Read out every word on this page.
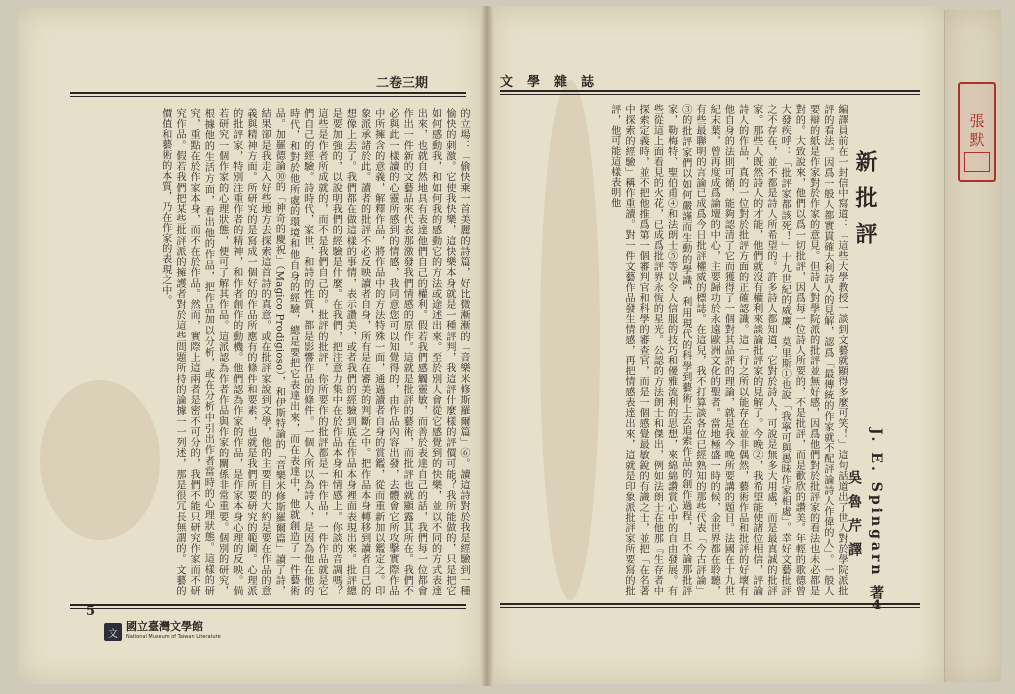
二卷三期
的立場：「偷快乘一首美麗的詩篇，好比微漸漸的「音樂米修斯羅爾篇」⑥。讀這詩對於我是經驗到一種愉快的刺激。它使我快樂，這快樂本身就是一種評判，我這評什麼樣的評價可能？我所能做的，只是把它如何感動我，和如何我的感動它的方法或途述出來。至於別人會從它感覺到的快樂，並以不同的方式表達出來，也就自然地具有表達他們自己的權利。假若我們感觸靈敏，而善於表達自己的話，我們每一位都會作出一件新的文藝品來代表那激發我們情感的原作。這就是批評的藝術，而批評也就顯露其所在。我們不必與此一樣讀的心靈所感到的情感，我同意您可以知覺得的，由作品內容出發，去體會它所攻擊實際作品中所擁含的意義，解釋作品，將作品中的方法特殊一面，通過讀者自身的賞鑑，從而重新加以鑑定之。印象派承諸於此。讀者的批評不必反映讀者自身，所有是在審美的判斷之中。把作品本身轉移到讀者自己的想像上去了。我們都在做這樣的事情，表示讚美，或者我們的經驗到底在作品本身裡面表現出來。批評總是要加強的，以說明我們的經驗是什麼。在我們，把注意力集中在於作品本身和情感上。你談的音調嗎？這些是作者所成就的，而不是我們自己的。批評的批評，你所要作的批評都是一件作品，一件作品就是它們自己的經驗。詩時代，家世，和詩的性質，都是影響作品的條件。一個人所以為詩人，是因為他在他的時代，和對於他所處的環境和他自身的經驗，總是要把它表達出來，而在表達中，他就創造了一件藝術品。加羅德論⑩的「神奇的慶祝」（Magico Prodigioso），和伊斯特論的「音樂米修斯羅爾篇」讀了詩，結果卻是我走入好些地方去探索這首詩的真意。或在批評家說到文學，他的主要目的大約是要在作品的意義與精神方面。所研究的是寫成一個好的作品所應有的條件和要素，也就是我們所要研究的範圍。心理派的批評家，特別注重作者的精神，和作者創作的動機。他們認為作家的作品，是作家本身心理的反映。倘若研究一個作家的心理狀態，便可了解其作品。這派認為作者作品與作家的關係非常重要。個別的研究，根據他的生活方面，看出他的作品，把作品加以分析，或在分析中引出作者當時的心理狀態。這樣的研究，重點在於作家本身，而不在於作品。然而，實際上這兩者是密不可分的，我們不能只研究作家而不研究作品。假若我們把某些批評派的擁護者對於這些問題所持的論據一一列述，那是很冗長無謂的。文藝的價值和藝術的本質，乃在作家的表現之中。
5
文
國立臺灣文學館
National Museum of Taiwan Literature
文學雜誌
編譯員前在一封信中寫道：「這些大學教授一談到文藝就顯得多麼可笑！」這句話道出了世人對於學院派批評的看法。因爲一般人都實貫確大利詩人的見解，認爲「最傳統的作家就不配評論詩人作偉的人」。一般人要辯的紙是作家對於作家的意見。但詩人對學院派的批評並無好感，因爲他們對於批評家的看法也未必都是對的。大致說來，他們以爲一切批評，因爲每一位詩人所要的，不是批評，而是歡欣的讚美。年輕的歌德曾大發疾呼：「批評家都該死！」十九世紀的威廉．莫里斯①也說「我寧可與愚昧作家相處」。幸好文藝批評之不存在，並不都是詩人所希望的。許多詩人都知道，它對於詩人，可說是無多大用處，而是最真誠的批評家。那些人既然詩人的才能，他們就沒有權利來談論批評家的見解了。今晚②，我希望能使諸位相信，評論詩人的作品，真的一位對於批評方面的正確認識。這一行之所以能存在並非偶然，藝術作品和批評的好壞有他自身的法則可循，能夠認清了它而獲得了一個對其品評的理論，就是我今晚所要講的題目。法國在十九世紀末葉，曾再度成爲論壇的中心，主要歸功於永遠歐洲文化的聖者。當地極盛一時的候，金世界都在聆聽，有些最聯明的言論已成爲今日批評權威的標誌。在這兒，我不打算談各位已經熟知的那些代表「今古評論」③的批評家們以如何嚴謹而生動的學識，利用現代的科學到藝術上去追索作品的創作過程，且不論那批評家，勒梅特、聖伯甫④和法朗士⑤等以令人信服的技巧和優雅流利的思想，來綿綿讚賞心中的自由發展。有些從這上面看見的火花，已成爲批評界永恆的星光。公認的方法朗士和傑出，例如法朗士在他那『生存者中探索定義時，並不把他推爲第一個審判官和科學的審查官，而是一個感覺最敏銳的有識之士，並把「在名著中探索的經驗」稱作重讀。對一件文藝作品發生情感，再把情感表達出來，這就是印象派批評家所要寫的批評，他可能這樣表明他	新批評
J. E. Spingarn 著
吳魯芹譯
4
張默
